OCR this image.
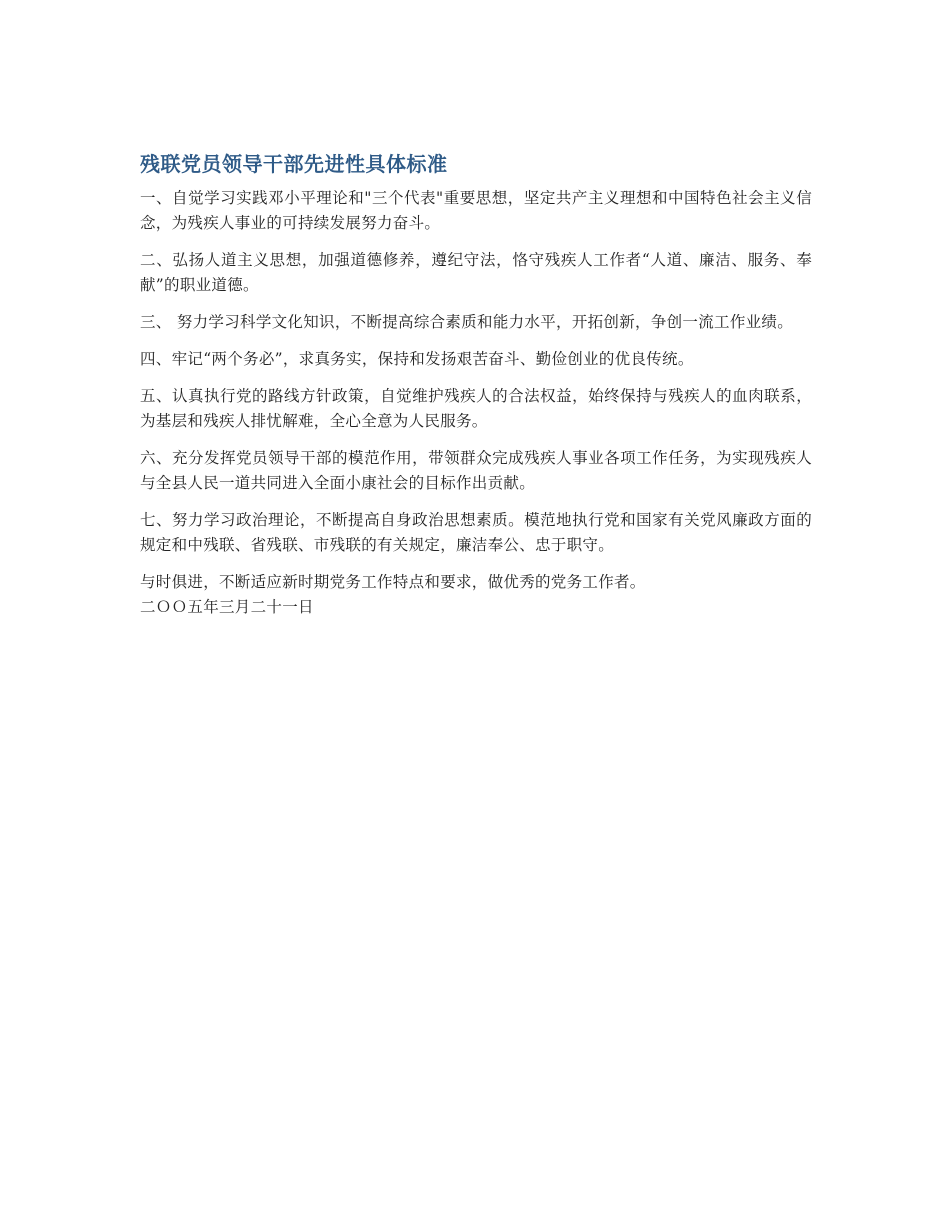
残联党员领导干部先进性具体标准

一、自觉学习实践邓小平理论和"三个代表"重要思想，坚定共产主义理想和中国特色社会主义信念，为残疾人事业的可持续发展努力奋斗。

二、弘扬人道主义思想，加强道德修养，遵纪守法，恪守残疾人工作者“人道、廉洁、服务、奉献”的职业道德。

三、 努力学习科学文化知识，不断提高综合素质和能力水平，开拓创新，争创一流工作业绩。

四、牢记“两个务必”，求真务实，保持和发扬艰苦奋斗、勤俭创业的优良传统。

五、认真执行党的路线方针政策，自觉维护残疾人的合法权益，始终保持与残疾人的血肉联系，为基层和残疾人排忧解难，全心全意为人民服务。

六、充分发挥党员领导干部的模范作用，带领群众完成残疾人事业各项工作任务，为实现残疾人与全县人民一道共同进入全面小康社会的目标作出贡献。

七、努力学习政治理论，不断提高自身政治思想素质。模范地执行党和国家有关党风廉政方面的规定和中残联、省残联、市残联的有关规定，廉洁奉公、忠于职守。

与时俱进，不断适应新时期党务工作特点和要求，做优秀的党务工作者。

二ＯＯ五年三月二十一日
